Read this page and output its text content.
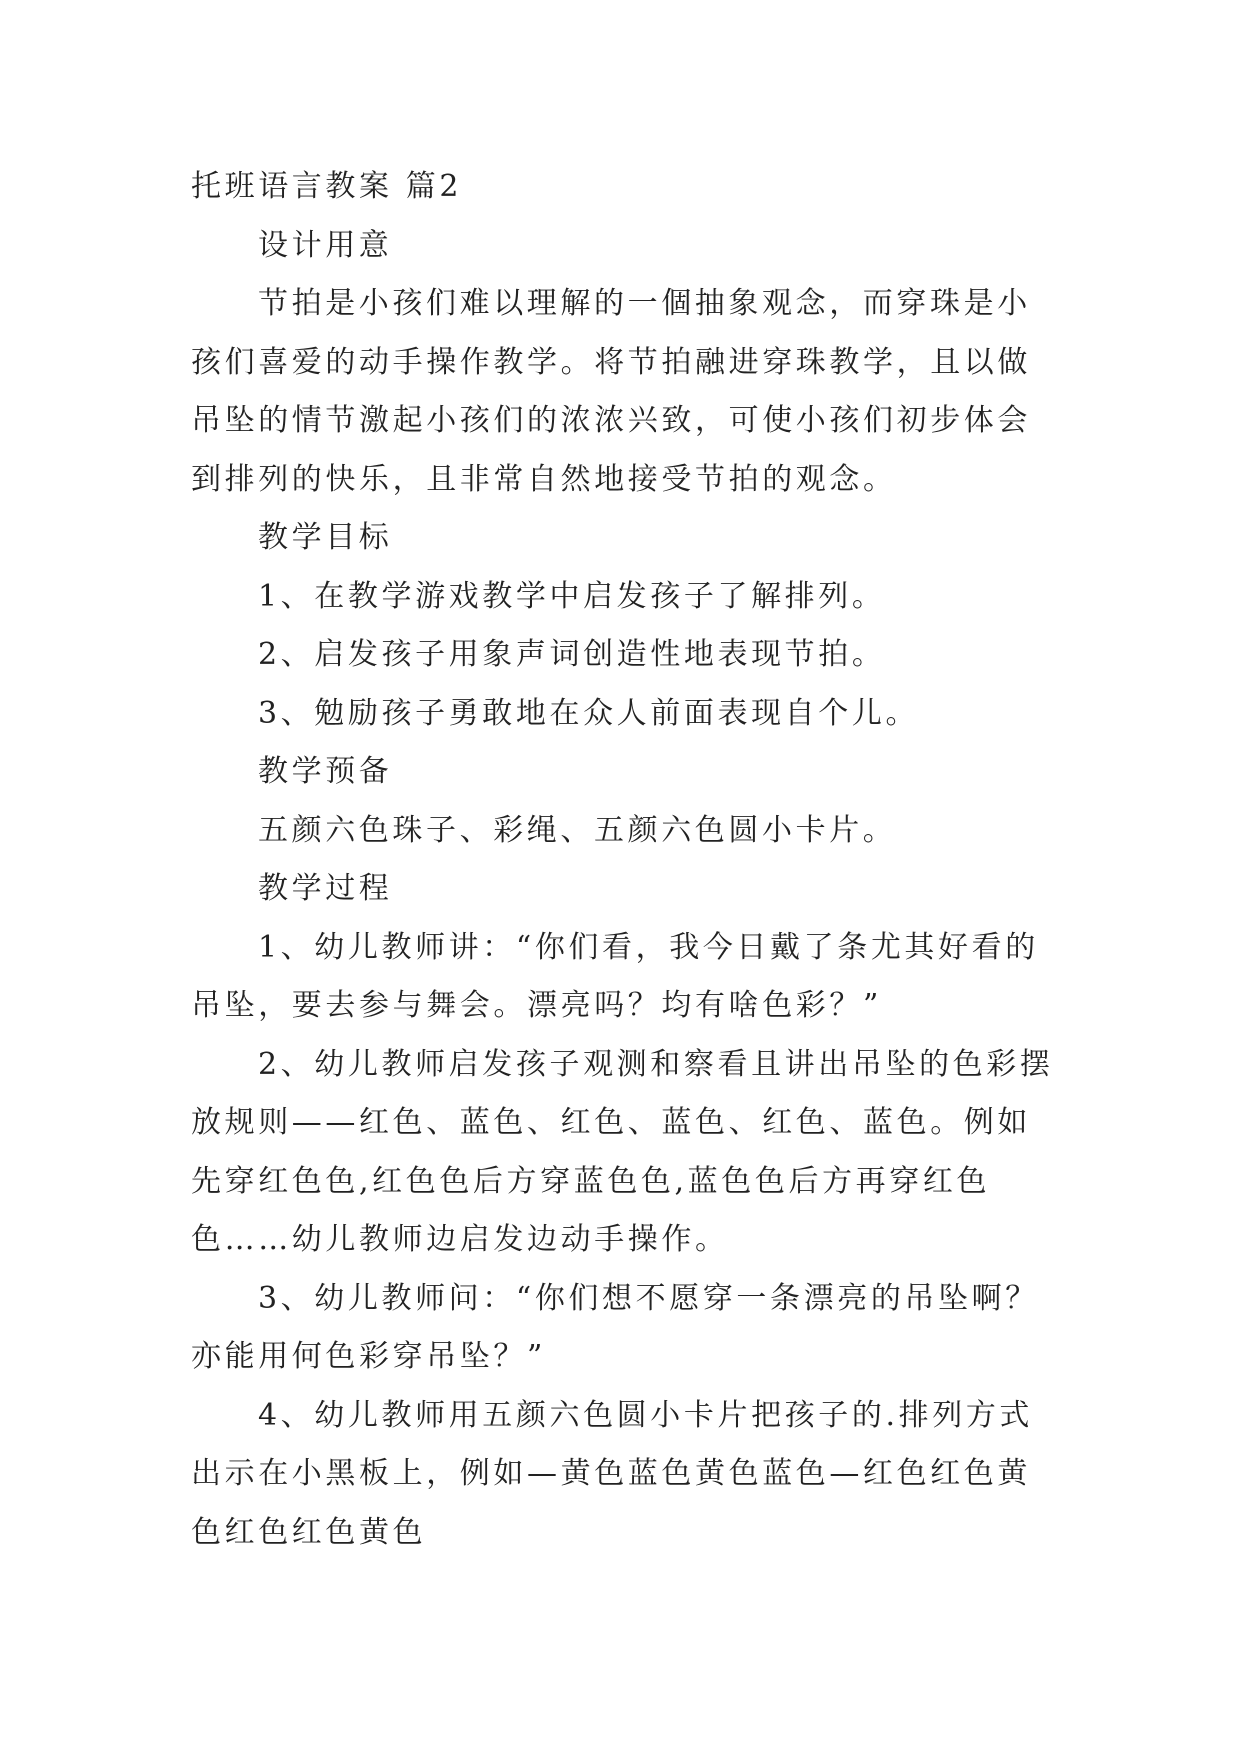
托班语言教案 篇2

设计用意

节拍是小孩们难以理解的一個抽象观念，而穿珠是小孩们喜爱的动手操作教学。将节拍融进穿珠教学，且以做吊坠的情节激起小孩们的浓浓兴致，可使小孩们初步体会到排列的快乐，且非常自然地接受节拍的观念。

教学目标

1、在教学游戏教学中启发孩子了解排列。

2、启发孩子用象声词创造性地表现节拍。

3、勉励孩子勇敢地在众人前面表现自个儿。

教学预备

五颜六色珠子、彩绳、五颜六色圆小卡片。

教学过程

1、幼儿教师讲：“你们看，我今日戴了条尤其好看的吊坠，要去参与舞会。漂亮吗？均有啥色彩？”

2、幼儿教师启发孩子观测和察看且讲出吊坠的色彩摆放规则——红色、蓝色、红色、蓝色、红色、蓝色。例如先穿红色色,红色色后方穿蓝色色,蓝色色后方再穿红色色……幼儿教师边启发边动手操作。

3、幼儿教师问：“你们想不愿穿一条漂亮的吊坠啊？亦能用何色彩穿吊坠？”

4、幼儿教师用五颜六色圆小卡片把孩子的.排列方式出示在小黑板上，例如—黄色蓝色黄色蓝色—红色红色黄色红色红色黄色
